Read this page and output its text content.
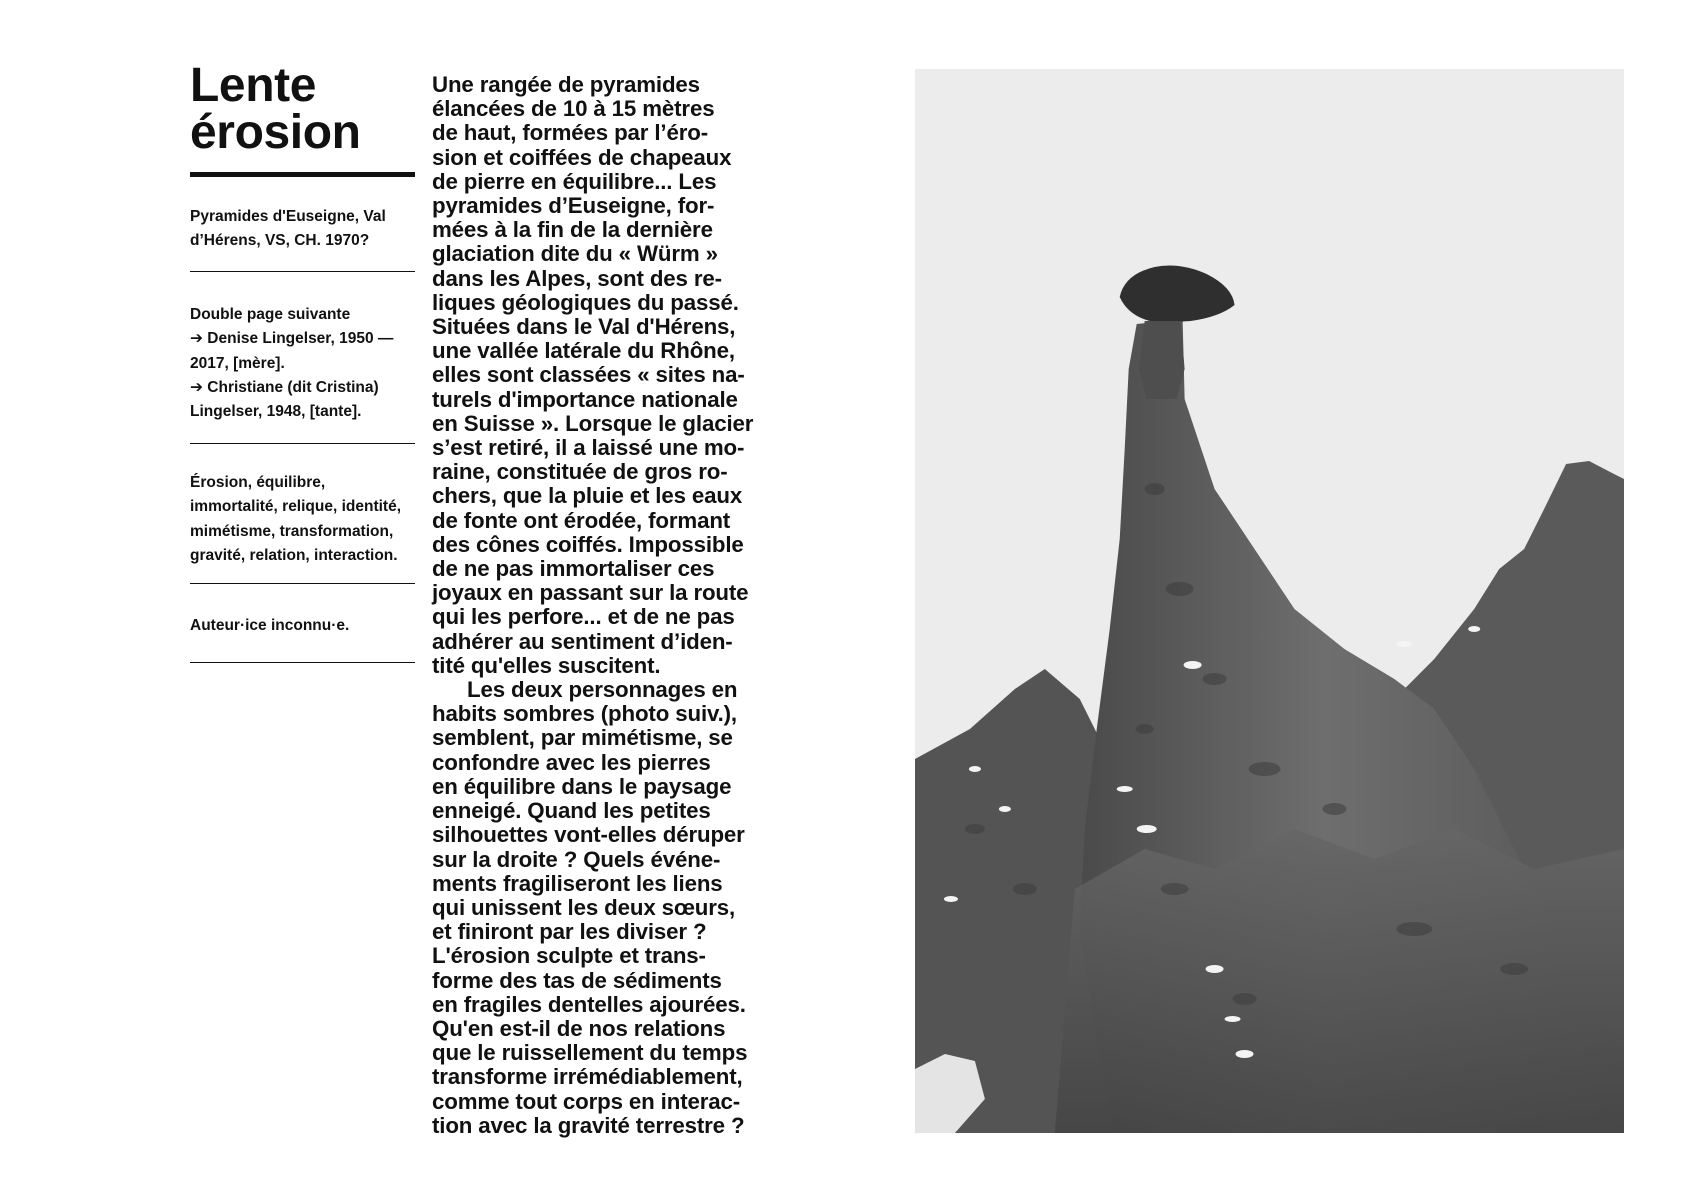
Lente
érosion
Pyramides d'Euseigne, Val d’Hérens, VS, CH. 1970?
Double page suivante
➔ Denise Lingelser, 1950 — 2017, [mère].
➔ Christiane (dit Cristina) Lingelser, 1948, [tante].
Érosion, équilibre, immortalité, relique, identité, mimétisme, transformation, gravité, relation, interaction.
Auteur·ice inconnu·e.

Une rangée de pyramides
élancées de 10 à 15 mètres
de haut, formées par l’éro-
sion et coiffées de chapeaux
de pierre en équilibre... Les
pyramides d’Euseigne, for-
mées à la fin de la dernière
glaciation dite du « Würm »
dans les Alpes, sont des re-
liques géologiques du passé.
Situées dans le Val d'Hérens,
une vallée latérale du Rhône,
elles sont classées « sites na-
turels d'importance nationale
en Suisse ». Lorsque le glacier
s’est retiré, il a laissé une mo-
raine, constituée de gros ro-
chers, que la pluie et les eaux
de fonte ont érodée, formant
des cônes coiffés. Impossible
de ne pas immortaliser ces
joyaux en passant sur la route
qui les perfore... et de ne pas
adhérer au sentiment d’iden-
tité qu'elles suscitent.

Les deux personnages en
habits sombres (photo suiv.),
semblent, par mimétisme, se
confondre avec les pierres
en équilibre dans le paysage
enneigé. Quand les petites
silhouettes vont-elles déruper
sur la droite ? Quels événe-
ments fragiliseront les liens
qui unissent les deux sœurs,
et finiront par les diviser ?
L'érosion sculpte et trans-
forme des tas de sédiments
en fragiles dentelles ajourées.
Qu'en est-il de nos relations
que le ruissellement du temps
transforme irrémédiablement,
comme tout corps en interac-
tion avec la gravité terrestre ?
